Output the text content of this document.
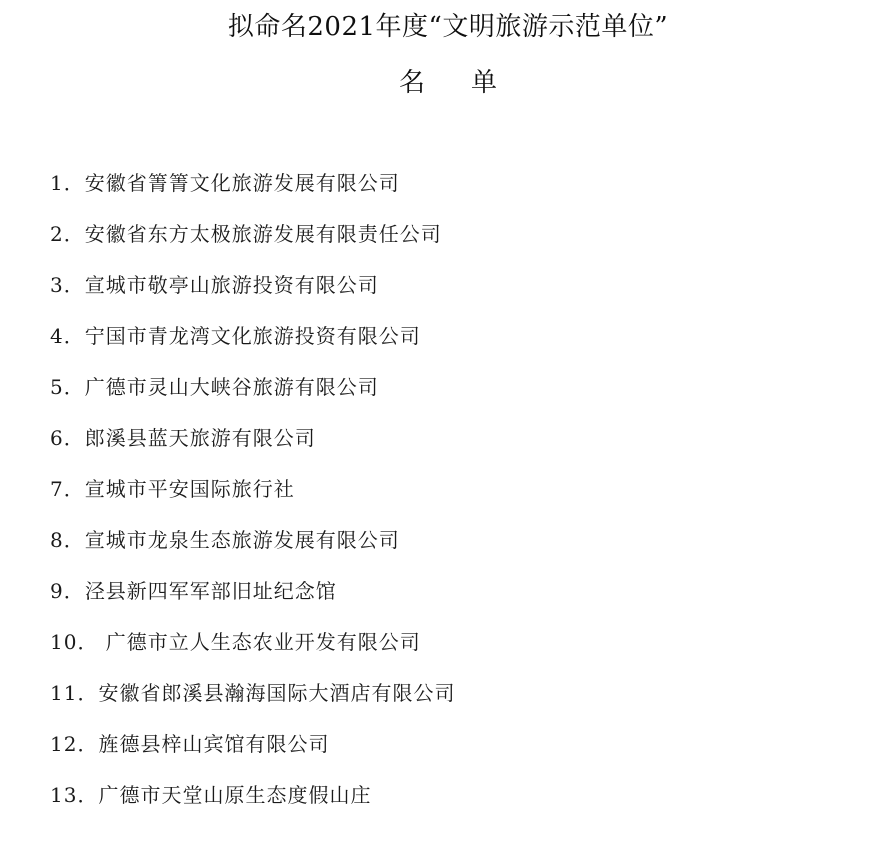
拟命名2021年度“文明旅游示范单位”
名　单
1．安徽省箐箐文化旅游发展有限公司
2．安徽省东方太极旅游发展有限责任公司
3．宣城市敬亭山旅游投资有限公司
4．宁国市青龙湾文化旅游投资有限公司
5．广德市灵山大峡谷旅游有限公司
6．郎溪县蓝天旅游有限公司
7．宣城市平安国际旅行社
8．宣城市龙泉生态旅游发展有限公司
9．泾县新四军军部旧址纪念馆
10． 广德市立人生态农业开发有限公司
11．安徽省郎溪县瀚海国际大酒店有限公司
12．旌德县梓山宾馆有限公司
13．广德市天堂山原生态度假山庄
